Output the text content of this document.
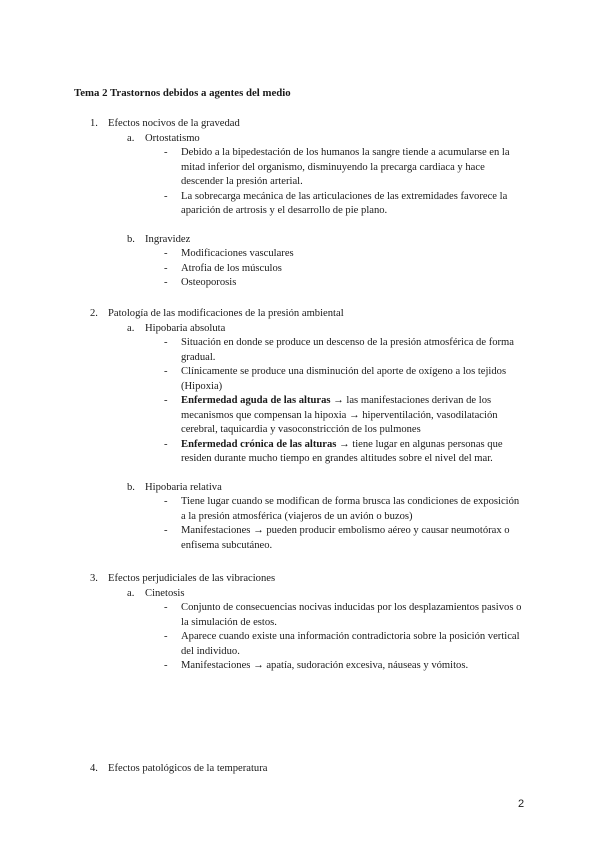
Tema 2 Trastornos debidos a agentes del medio
1. Efectos nocivos de la gravedad
a. Ortostatismo
- Debido a la bipedestación de los humanos la sangre tiende a acumularse en la mitad inferior del organismo, disminuyendo la precarga cardiaca y hace descender la presión arterial.
- La sobrecarga mecánica de las articulaciones de las extremidades favorece la aparición de artrosis y el desarrollo de pie plano.
b. Ingravidez
- Modificaciones vasculares
- Atrofia de los músculos
- Osteoporosis
2. Patología de las modificaciones de la presión ambiental
a. Hipobaria absoluta
- Situación en donde se produce un descenso de la presión atmosférica de forma gradual.
- Clínicamente se produce una disminución del aporte de oxígeno a los tejidos (Hipoxia)
- Enfermedad aguda de las alturas → las manifestaciones derivan de los mecanismos que compensan la hipoxia → hiperventilación, vasodilatación cerebral, taquicardia y vasoconstricción de los pulmones
- Enfermedad crónica de las alturas → tiene lugar en algunas personas que residen durante mucho tiempo en grandes altitudes sobre el nivel del mar.
b. Hipobaria relativa
- Tiene lugar cuando se modifican de forma brusca las condiciones de exposición a la presión atmosférica (viajeros de un avión o buzos)
- Manifestaciones → pueden producir embolismo aéreo y causar neumotórax o enfisema subcutáneo.
3. Efectos perjudiciales de las vibraciones
a. Cinetosis
- Conjunto de consecuencias nocivas inducidas por los desplazamientos pasivos o la simulación de estos.
- Aparece cuando existe una información contradictoria sobre la posición vertical del individuo.
- Manifestaciones → apatía, sudoración excesiva, náuseas y vómitos.
4. Efectos patológicos de la temperatura
2
